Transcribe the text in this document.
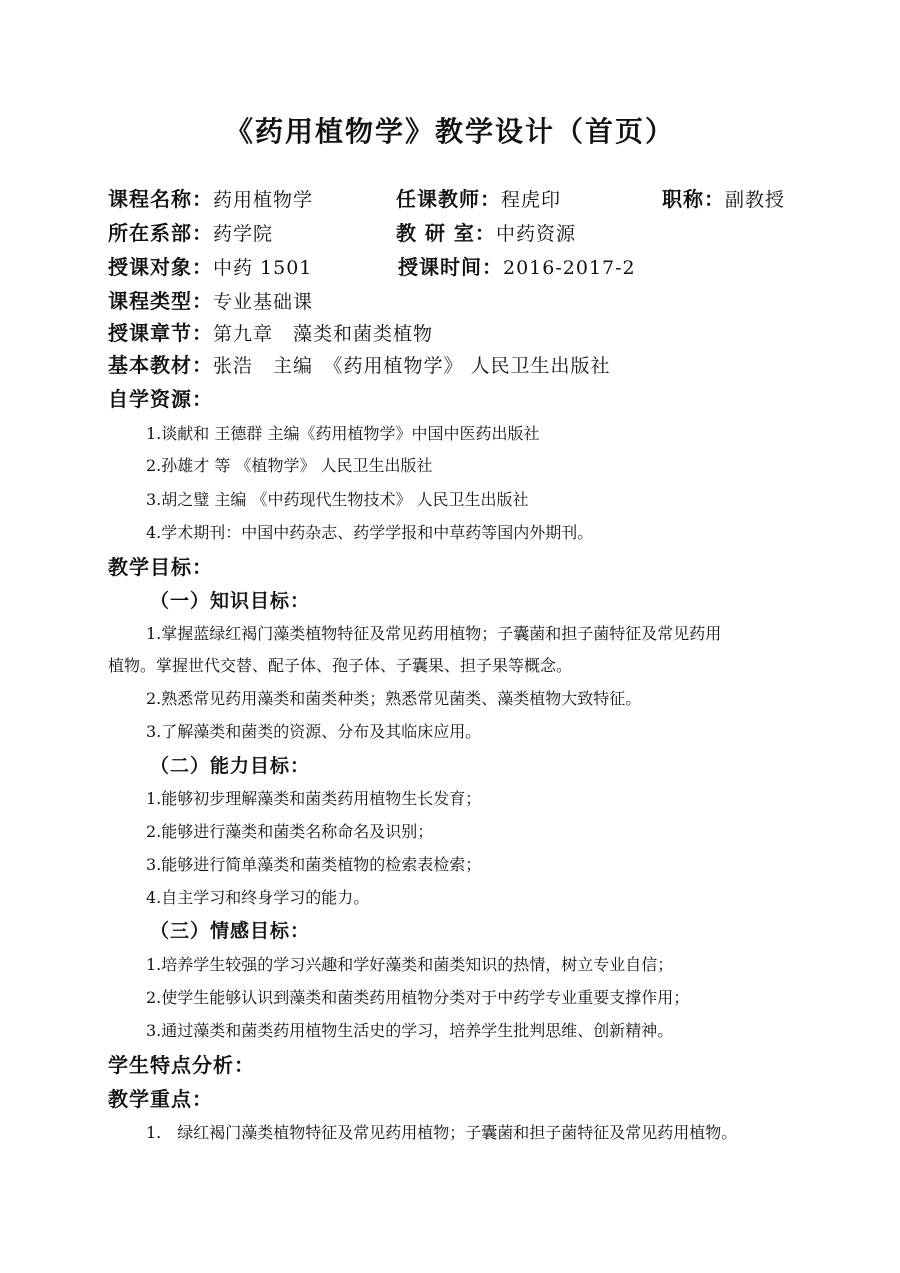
《药用植物学》教学设计（首页）
课程名称：药用植物学	任课教师：程虎印	职称：副教授
所在系部：药学院	教 研 室：中药资源
授课对象：中药 1501	授课时间：2016-2017-2
课程类型：专业基础课
授课章节：第九章　藻类和菌类植物
基本教材：张浩　主编　《药用植物学》 人民卫生出版社
自学资源：
1.谈献和 王德群 主编《药用植物学》中国中医药出版社
2.孙雄才 等 《植物学》 人民卫生出版社
3.胡之璧 主编 《中药现代生物技术》 人民卫生出版社
4.学术期刊：中国中药杂志、药学学报和中草药等国内外期刊。
教学目标：
（一）知识目标：
1.掌握蓝绿红褐门藻类植物特征及常见药用植物；子囊菌和担子菌特征及常见药用
植物。掌握世代交替、配子体、孢子体、子囊果、担子果等概念。
2.熟悉常见药用藻类和菌类种类；熟悉常见菌类、藻类植物大致特征。
3.了解藻类和菌类的资源、分布及其临床应用。
（二）能力目标：
1.能够初步理解藻类和菌类药用植物生长发育；
2.能够进行藻类和菌类名称命名及识别；
3.能够进行简单藻类和菌类植物的检索表检索；
4.自主学习和终身学习的能力。
（三）情感目标：
1.培养学生较强的学习兴趣和学好藻类和菌类知识的热情，树立专业自信；
2.使学生能够认识到藻类和菌类药用植物分类对于中药学专业重要支撑作用；
3.通过藻类和菌类药用植物生活史的学习，培养学生批判思维、创新精神。
学生特点分析：
教学重点：
1.　绿红褐门藻类植物特征及常见药用植物；子囊菌和担子菌特征及常见药用植物。
